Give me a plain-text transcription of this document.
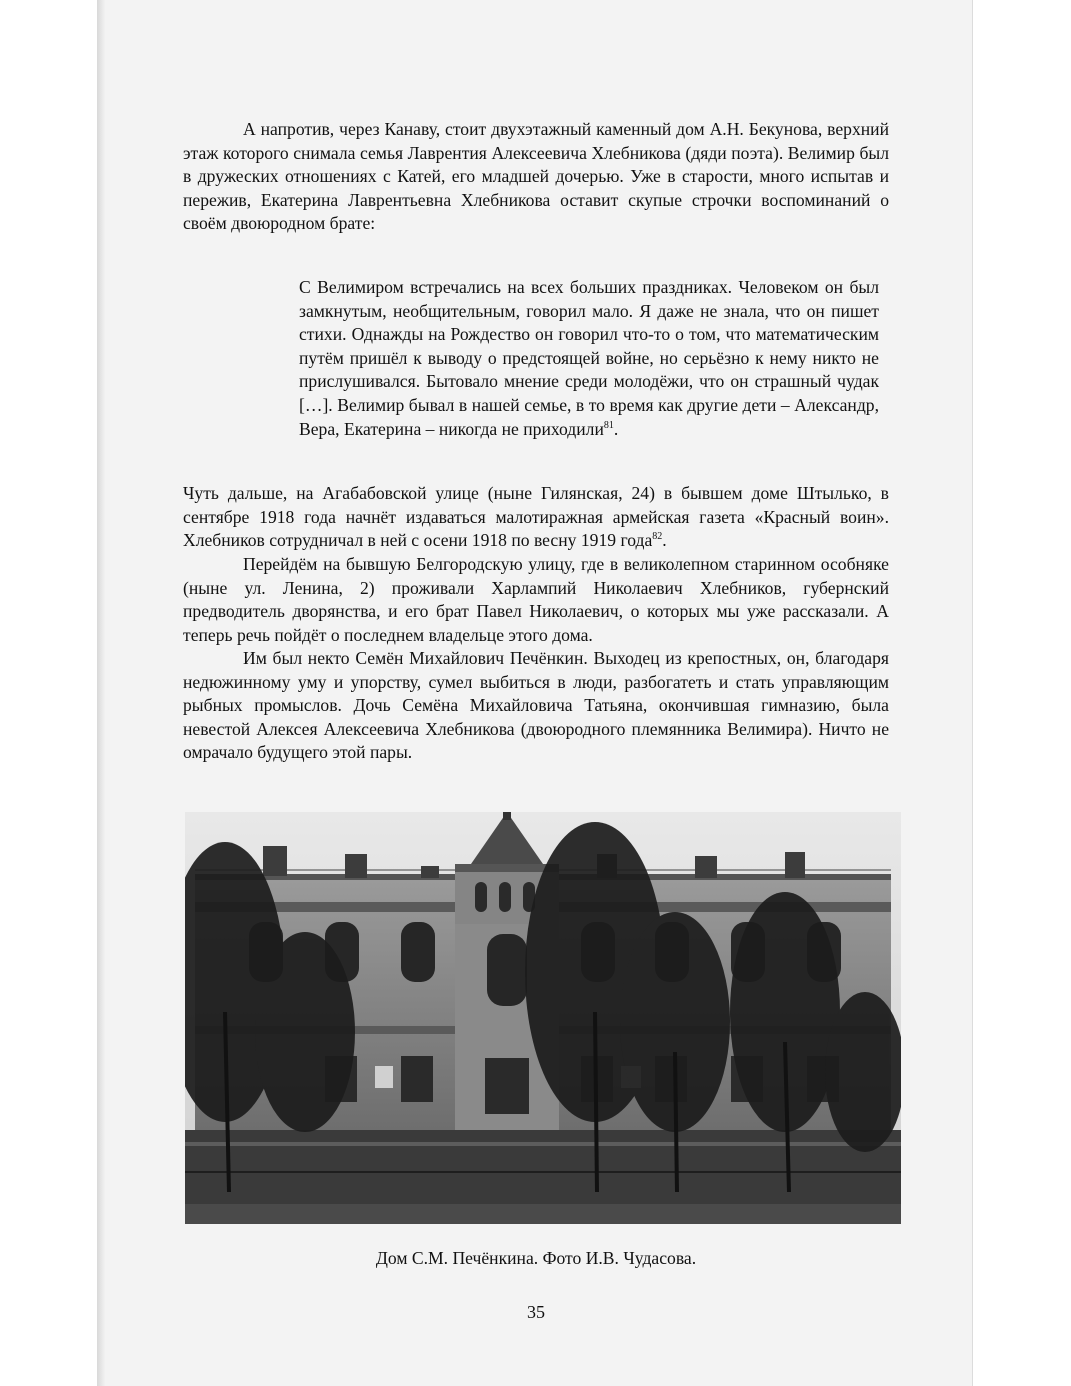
А напротив, через Канаву, стоит двухэтажный каменный дом А.Н. Бекунова, верхний этаж которого снимала семья Лаврентия Алексеевича Хлебникова (дяди поэта). Велимир был в дружеских отношениях с Катей, его младшей дочерью. Уже в старости, много испытав и пережив, Екатерина Лаврентьевна Хлебникова оставит скупые строчки воспоминаний о своём двоюродном брате:
С Велимиром встречались на всех больших праздниках. Человеком он был замкнутым, необщительным, говорил мало. Я даже не знала, что он пишет стихи. Однажды на Рождество он говорил что-то о том, что математическим путём пришёл к выводу о предстоящей войне, но серьёзно к нему никто не прислушивался. Бытовало мнение среди молодёжи, что он страшный чудак […]. Велимир бывал в нашей семье, в то время как другие дети – Александр, Вера, Екатерина – никогда не приходили$^{81}$.
Чуть дальше, на Агабабовской улице (ныне Гилянская, 24) в бывшем доме Штылько, в сентябре 1918 года начнёт издаваться малотиражная армейская газета «Красный воин». Хлебников сотрудничал в ней с осени 1918 по весну 1919 года$^{82}$.
Перейдём на бывшую Белгородскую улицу, где в великолепном старинном особняке (ныне ул. Ленина, 2) проживали Харлампий Николаевич Хлебников, губернский предводитель дворянства, и его брат Павел Николаевич, о которых мы уже рассказали. А теперь речь пойдёт о последнем владельце этого дома.
Им был некто Семён Михайлович Печёнкин. Выходец из крепостных, он, благодаря недюжинному уму и упорству, сумел выбиться в люди, разбогатеть и стать управляющим рыбных промыслов. Дочь Семёна Михайловича Татьяна, окончившая гимназию, была невестой Алексея Алексеевича Хлебникова (двоюродного племянника Велимира). Ничто не омрачало будущего этой пары.
Дом С.М. Печёнкина. Фото И.В. Чудасова.
35
